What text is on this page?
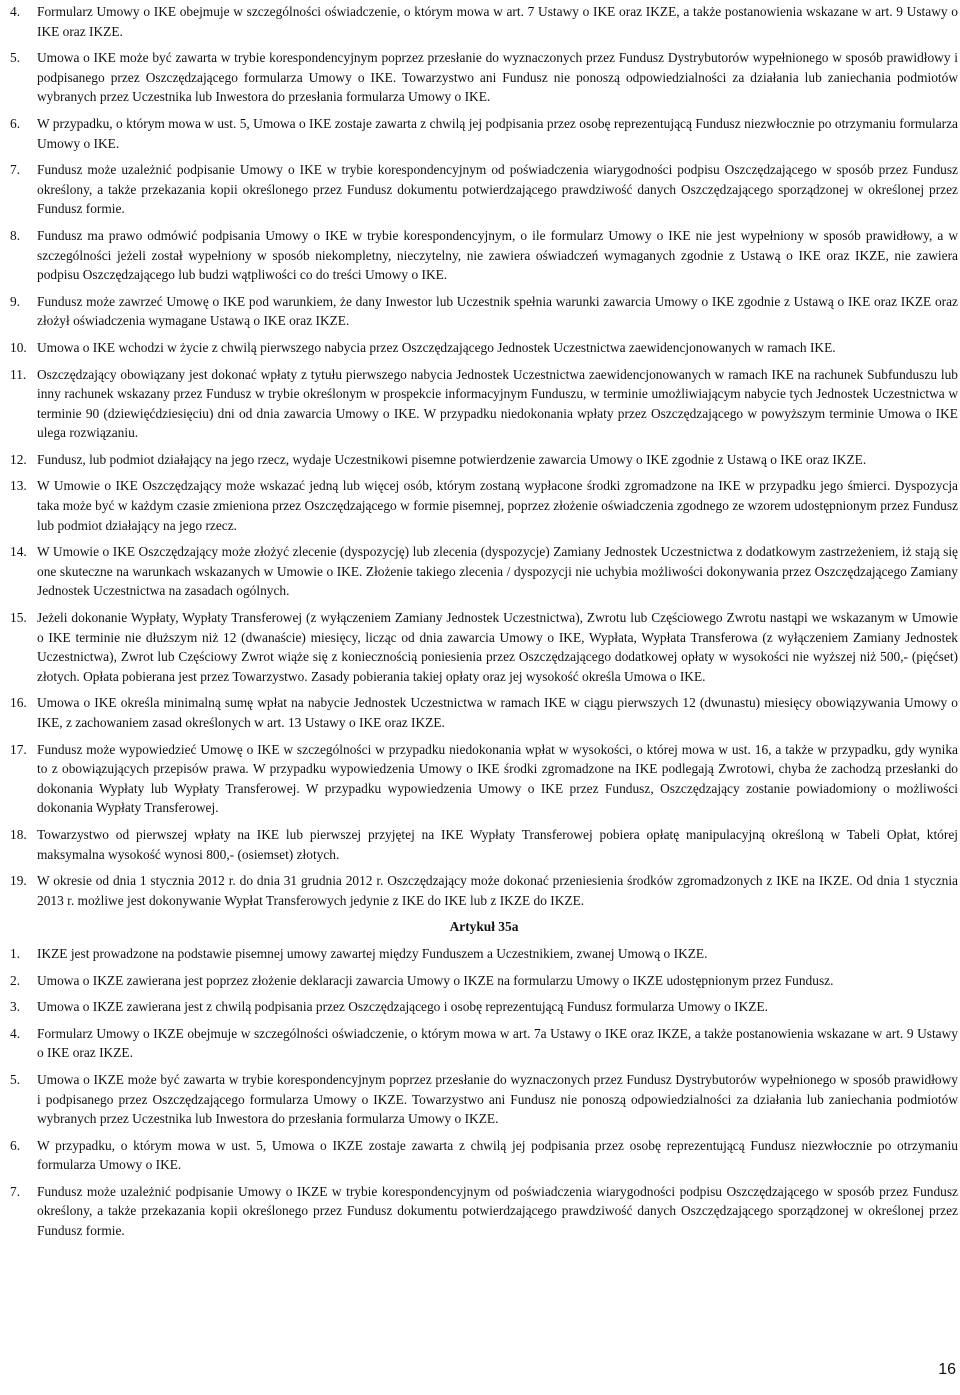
4. Formularz Umowy o IKE obejmuje w szczególności oświadczenie, o którym mowa w art. 7 Ustawy o IKE oraz IKZE, a także postanowienia wskazane w art. 9 Ustawy o IKE oraz IKZE.
5. Umowa o IKE może być zawarta w trybie korespondencyjnym poprzez przesłanie do wyznaczonych przez Fundusz Dystrybutorów wypełnionego w sposób prawidłowy i podpisanego przez Oszczędzającego formularza Umowy o IKE. Towarzystwo ani Fundusz nie ponoszą odpowiedzialności za działania lub zaniechania podmiotów wybranych przez Uczestnika lub Inwestora do przesłania formularza Umowy o IKE.
6. W przypadku, o którym mowa w ust. 5, Umowa o IKE zostaje zawarta z chwilą jej podpisania przez osobę reprezentującą Fundusz niezwłocznie po otrzymaniu formularza Umowy o IKE.
7. Fundusz może uzależnić podpisanie Umowy o IKE w trybie korespondencyjnym od poświadczenia wiarygodności podpisu Oszczędzającego w sposób przez Fundusz określony, a także przekazania kopii określonego przez Fundusz dokumentu potwierdzającego prawdziwość danych Oszczędzającego sporządzonej w określonej przez Fundusz formie.
8. Fundusz ma prawo odmówić podpisania Umowy o IKE w trybie korespondencyjnym, o ile formularz Umowy o IKE nie jest wypełniony w sposób prawidłowy, a w szczególności jeżeli został wypełniony w sposób niekompletny, nieczytelny, nie zawiera oświadczeń wymaganych zgodnie z Ustawą o IKE oraz IKZE, nie zawiera podpisu Oszczędzającego lub budzi wątpliwości co do treści Umowy o IKE.
9. Fundusz może zawrzeć Umowę o IKE pod warunkiem, że dany Inwestor lub Uczestnik spełnia warunki zawarcia Umowy o IKE zgodnie z Ustawą o IKE oraz IKZE oraz złożył oświadczenia wymagane Ustawą o IKE oraz IKZE.
10. Umowa o IKE wchodzi w życie z chwilą pierwszego nabycia przez Oszczędzającego Jednostek Uczestnictwa zaewidencjonowanych w ramach IKE.
11. Oszczędzający obowiązany jest dokonać wpłaty z tytułu pierwszego nabycia Jednostek Uczestnictwa zaewidencjonowanych w ramach IKE na rachunek Subfunduszu lub inny rachunek wskazany przez Fundusz w trybie określonym w prospekcie informacyjnym Funduszu, w terminie umożliwiającym nabycie tych Jednostek Uczestnictwa w terminie 90 (dziewięćdziesięciu) dni od dnia zawarcia Umowy o IKE. W przypadku niedokonania wpłaty przez Oszczędzającego w powyższym terminie Umowa o IKE ulega rozwiązaniu.
12. Fundusz, lub podmiot działający na jego rzecz, wydaje Uczestnikowi pisemne potwierdzenie zawarcia Umowy o IKE zgodnie z Ustawą o IKE oraz IKZE.
13. W Umowie o IKE Oszczędzający może wskazać jedną lub więcej osób, którym zostaną wypłacone środki zgromadzone na IKE w przypadku jego śmierci. Dyspozycja taka może być w każdym czasie zmieniona przez Oszczędzającego w formie pisemnej, poprzez złożenie oświadczenia zgodnego ze wzorem udostępnionym przez Fundusz lub podmiot działający na jego rzecz.
14. W Umowie o IKE Oszczędzający może złożyć zlecenie (dyspozycję) lub zlecenia (dyspozycje) Zamiany Jednostek Uczestnictwa z dodatkowym zastrzeżeniem, iż stają się one skuteczne na warunkach wskazanych w Umowie o IKE. Złożenie takiego zlecenia / dyspozycji nie uchybia możliwości dokonywania przez Oszczędzającego Zamiany Jednostek Uczestnictwa na zasadach ogólnych.
15. Jeżeli dokonanie Wypłaty, Wypłaty Transferowej (z wyłączeniem Zamiany Jednostek Uczestnictwa), Zwrotu lub Częściowego Zwrotu nastąpi we wskazanym w Umowie o IKE terminie nie dłuższym niż 12 (dwanaście) miesięcy, licząc od dnia zawarcia Umowy o IKE, Wypłata, Wypłata Transferowa (z wyłączeniem Zamiany Jednostek Uczestnictwa), Zwrot lub Częściowy Zwrot wiąże się z koniecznością poniesienia przez Oszczędzającego dodatkowej opłaty w wysokości nie wyższej niż 500,- (pięćset) złotych. Opłata pobierana jest przez Towarzystwo. Zasady pobierania takiej opłaty oraz jej wysokość określa Umowa o IKE.
16. Umowa o IKE określa minimalną sumę wpłat na nabycie Jednostek Uczestnictwa w ramach IKE w ciągu pierwszych 12 (dwunastu) miesięcy obowiązywania Umowy o IKE, z zachowaniem zasad określonych w art. 13 Ustawy o IKE oraz IKZE.
17. Fundusz może wypowiedzieć Umowę o IKE w szczególności w przypadku niedokonania wpłat w wysokości, o której mowa w ust. 16, a także w przypadku, gdy wynika to z obowiązujących przepisów prawa. W przypadku wypowiedzenia Umowy o IKE środki zgromadzone na IKE podlegają Zwrotowi, chyba że zachodzą przesłanki do dokonania Wypłaty lub Wypłaty Transferowej. W przypadku wypowiedzenia Umowy o IKE przez Fundusz, Oszczędzający zostanie powiadomiony o możliwości dokonania Wypłaty Transferowej.
18. Towarzystwo od pierwszej wpłaty na IKE lub pierwszej przyjętej na IKE Wypłaty Transferowej pobiera opłatę manipulacyjną określoną w Tabeli Opłat, której maksymalna wysokość wynosi 800,- (osiemset) złotych.
19. W okresie od dnia 1 stycznia 2012 r. do dnia 31 grudnia 2012 r. Oszczędzający może dokonać przeniesienia środków zgromadzonych z IKE na IKZE. Od dnia 1 stycznia 2013 r. możliwe jest dokonywanie Wypłat Transferowych jedynie z IKE do IKE lub z IKZE do IKZE.
Artykuł 35a
1. IKZE jest prowadzone na podstawie pisemnej umowy zawartej między Funduszem a Uczestnikiem, zwanej Umową o IKZE.
2. Umowa o IKZE zawierana jest poprzez złożenie deklaracji zawarcia Umowy o IKZE na formularzu Umowy o IKZE udostępnionym przez Fundusz.
3. Umowa o IKZE zawierana jest z chwilą podpisania przez Oszczędzającego i osobę reprezentującą Fundusz formularza Umowy o IKZE.
4. Formularz Umowy o IKZE obejmuje w szczególności oświadczenie, o którym mowa w art. 7a Ustawy o IKE oraz IKZE, a także postanowienia wskazane w art. 9 Ustawy o IKE oraz IKZE.
5. Umowa o IKZE może być zawarta w trybie korespondencyjnym poprzez przesłanie do wyznaczonych przez Fundusz Dystrybutorów wypełnionego w sposób prawidłowy i podpisanego przez Oszczędzającego formularza Umowy o IKZE. Towarzystwo ani Fundusz nie ponoszą odpowiedzialności za działania lub zaniechania podmiotów wybranych przez Uczestnika lub Inwestora do przesłania formularza Umowy o IKZE.
6. W przypadku, o którym mowa w ust. 5, Umowa o IKZE zostaje zawarta z chwilą jej podpisania przez osobę reprezentującą Fundusz niezwłocznie po otrzymaniu formularza Umowy o IKE.
7. Fundusz może uzależnić podpisanie Umowy o IKZE w trybie korespondencyjnym od poświadczenia wiarygodności podpisu Oszczędzającego w sposób przez Fundusz określony, a także przekazania kopii określonego przez Fundusz dokumentu potwierdzającego prawdziwość danych Oszczędzającego sporządzonej w określonej przez Fundusz formie.
16
